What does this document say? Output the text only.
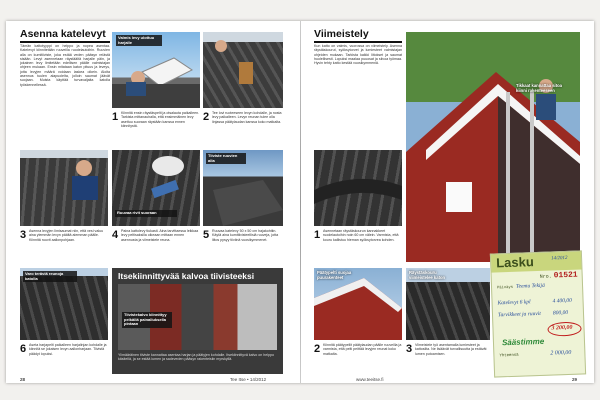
Asenna katelevyt
Tämän kattotyyppi on helppo ja nopea asentaa. Katelevyt kiinnitetään ruuveilla ruodelautoihin. Ruuvien alla on kumitiiviste, joka estää veden pääsyn reiästä sisään. Levyt asennetaan räystäältä harjalle päin, ja jokainen levy limitetään edellisen päälle valmistajan ohjeen mukaan. Ensin mitataan katon pituus ja leveys, jotta levyjen määrä voidaan laskea oikein. Aloita asennus tuulen alapuolelta, jolloin saumat jäävät suojaan. Muista käyttää turvavaljaita katolla työskennellessä.
Valmis levy ulottuu harjalle
1 Kiinnitä ensin räystäspelti ja otsalauta paikalleen. Tarkista mittanauhalla, että ensimmäinen levy asettuu suoraan räystään kanssa ennen kiinnitystä.
2 Tee lovi ruoteeseen levyn kohdalle, ja nosta levy paikalleen. Levyn reunan tulee olla linjassa päätylaudan kanssa koko matkalta.
Ruuvaa rivit suoraan
Tiiviste ruuvien alla
3 Asenna levyjen limisaumat niin, että vesi valuu aina ylemmän levyn päältä alemman päälle. Kiinnitä ruuvit aallonpohjaan.	4 Paina kattolevy tiukasti. Aina tarvittaessa leikkaa levy peltisaksilla oikeaan mittaan ennen asennusta ja viimeistele reuna.	5 Ruuvaa katelevy 50 x 50 cm hajakohtiin. Käytä aina kumitiivisteellisiä ruuveja, jotta liitos pysyy tiiviinä vuosikymmenet.
Varo teräviä reunoja katolla
6 Aseta harjapelti paikalleen harjalinjan kohdalle ja kiinnitä se jokaisen levyn aallonharjaan. Tiivistä päädyt lopuksi.
Itsekiinnittyvää kalvoa tiivisteeksi
Tiivistekalvo kiinnittyy pelkällä painalluksella pintaan
Ylimääräinen tiiviste kannattaa asentaa harjan ja päätyjen kohdalle. Itsekiinnittyvä kalvo on helppo käsitellä, ja se estää lumen ja sadeveden pääsyn rakenteisiin myrskyllä.
28	Tee Itse • 14/2012
Viimeistely
Kun katto on valmis, vuorossa on viimeistely. Asenna räystäskourut, syöksytorvet ja lumiesteet valmistajan ohjeiden mukaan. Tarkista kaikki liitokset ja saumat huolellisesti. Lopuksi maalaa puuosat ja siivoa työmaa. Hyvin tehty katto kestää vuosikymmeniä.
Tikkaat kannattaa sitoa kiinni rakenteeseen
1 Asennetaan räystäskourun kannakkeet ruodelautoihin noin 60 cm välein. Varmista, että kouru kallistuu hieman syöksytorvea kohden.
Päätypelti suojaa puurakenteet
2 Kiinnitä päätypellit päätylaudan päälle ruuveilla ja varmista, että pelti peittää levyjen reunat koko matkalta.
Räystäskouru viimeistelee katon
3 Viimeistele työ asentamalla lumiesteet ja kattosilta. Ne lisäävät turvallisuutta ja estävät lumen putoamisen.
Lasku	14/2012
Nro. 01521
Päiväys Teemu Tekijä
Katelevyt 6 kpl	4 400,00
Tarvikkeet ja ruuvit	800,00
3 200,00
Säästimme
Yhteensä	2 000,00
www.teeitse.fi	29
